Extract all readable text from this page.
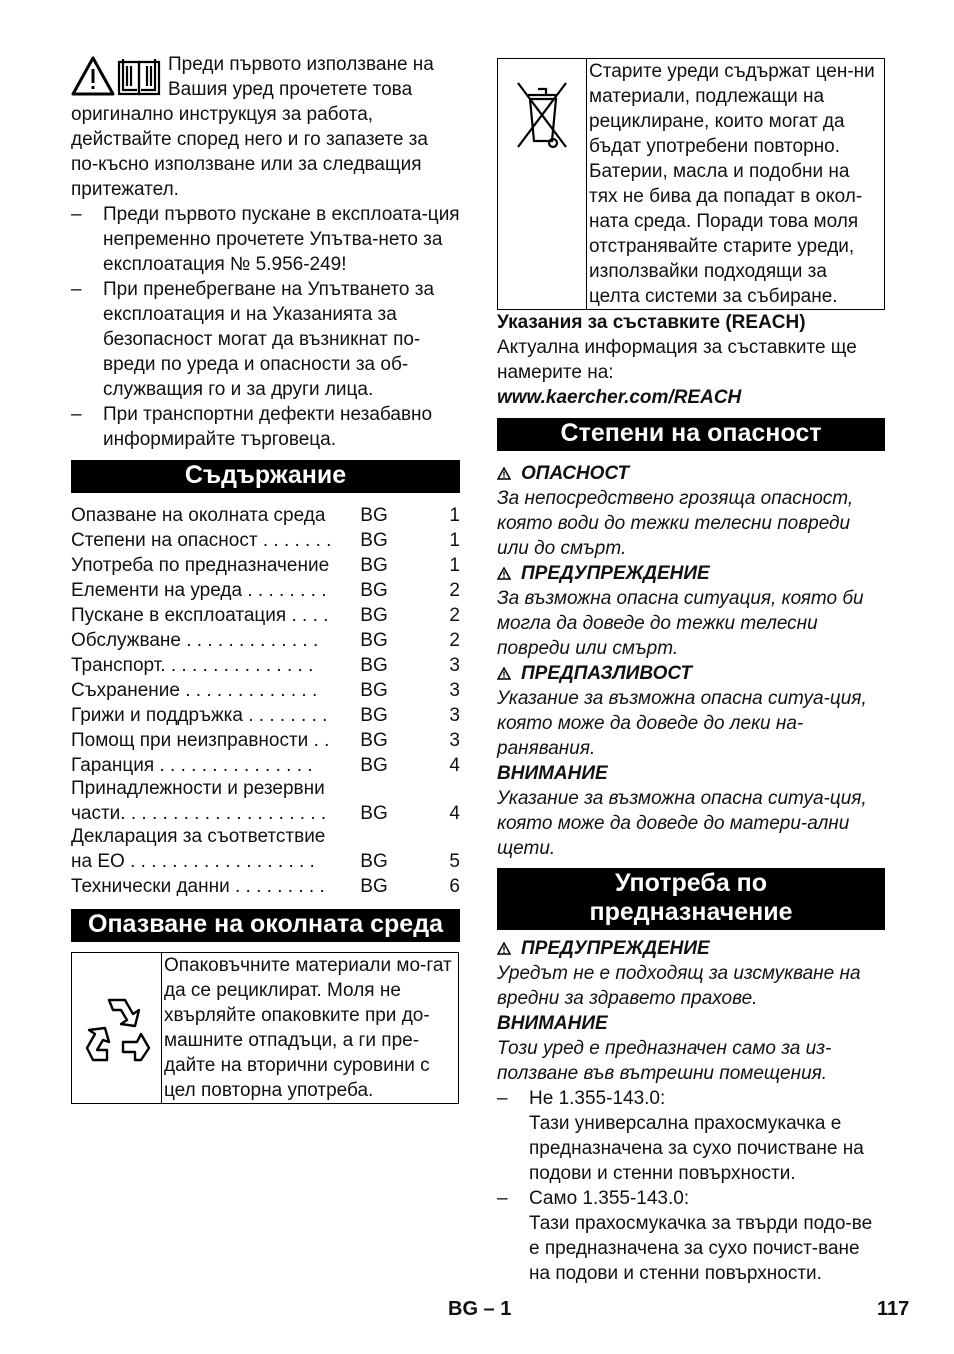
Преди първото използване на

Вашия уред прочетете това

оригинално инструкцуя за работа, действайте според него и го запазете за по-късно използване или за следващия притежател.

– Преди първото пускане в експлоата-ция непременно прочетете Упътва-нето за експлоатация № 5.956-249!
– При пренебрегване на Упътването за експлоатация и на Указанията за безопасност могат да възникнат по-вреди по уреда и опасности за об-служващия го и за други лица.
– При транспортни дефекти незабавно информирайте търговеца.
Съдържание
Опазване на околната среда	BG	1
Степени на опасност . . . . . . .	BG	1
Употреба по предназначение	BG	1
Елементи на уреда . . . . . . . .	BG	2
Пускане в експлоатация . . . .	BG	2
Обслужване . . . . . . . . . . . . .	BG	2
Транспорт. . . . . . . . . . . . . . .	BG	3
Съхранение . . . . . . . . . . . . .	BG	3
Грижи и поддръжка . . . . . . . .	BG	3
Помощ при неизправности . .	BG	3
Гаранция . . . . . . . . . . . . . . .	BG	4
Принадлежности и резервни
части. . . . . . . . . . . . . . . . . . . .	BG	4
Декларация за съответствие
на ЕО . . . . . . . . . . . . . . . . . .	BG	5
Технически данни . . . . . . . . .	BG	6
Опазване на околната среда
Опаковъчните материали мо-гат да се рециклират. Моля не хвърляйте опаковките при до-машните отпадъци, а ги пре-дайте на вторични суровини с цел повторна употреба.
Старите уреди съдържат цен-ни материали, подлежащи на рециклиране, които могат да бъдат употребени повторно. Батерии, масла и подобни на тях не бива да попадат в окол-ната среда. Поради това моля отстранявайте старите уреди, използвайки подходящи за целта системи за събиране.

Указания за съставките (REACH)

Актуална информация за съставките ще намерите на:

www.kaercher.com/REACH

Степени на опасност
ОПАСНОСТ

За непосредствено грозяща опасност, която води до тежки телесни повреди или до смърт.

ПРЕДУПРЕЖДЕНИЕ

За възможна опасна ситуация, която би могла да доведе до тежки телесни повреди или смърт.

ПРЕДПАЗЛИВОСТ

Указание за възможна опасна ситуа-ция, която може да доведе до леки на-ранявания.

ВНИМАНИЕ

Указание за възможна опасна ситуа-ция, която може да доведе до матери-ални щети.

Употреба по
предназначение
ПРЕДУПРЕЖДЕНИЕ

Уредът не е подходящ за изсмукване на вредни за здравето прахове.

ВНИМАНИЕ

Този уред е предназначен само за из-ползване във вътрешни помещения.

– Не 1.355-143.0:
Тази универсална прахосмукачка е предназначена за сухо почистване на подови и стенни повърхности.
– Само 1.355-143.0:
Тази прахосмукачка за твърди подо-ве е предназначена за сухо почист-ване на подови и стенни повърхности.
BG – 1	117
